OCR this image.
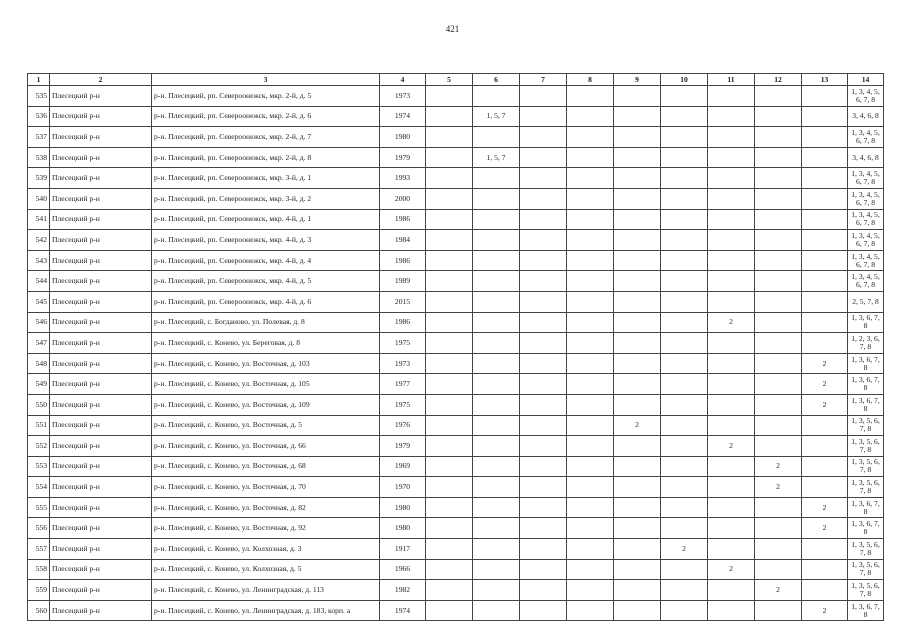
421
1	2	3	4	5	6	7	8	9	10	11	12	13	14
535	Плесецкий р-н	р-н. Плесецкий, рп. Североонежск, мкр. 2-й, д. 5	1973										1, 3, 4, 5, 6, 7, 8
536	Плесецкий р-н	р-н. Плесецкий, рп. Североонежск, мкр. 2-й, д. 6	1974		1, 5, 7								3, 4, 6, 8
537	Плесецкий р-н	р-н. Плесецкий, рп. Североонежск, мкр. 2-й, д. 7	1980										1, 3, 4, 5, 6, 7, 8
538	Плесецкий р-н	р-н. Плесецкий, рп. Североонежск, мкр. 2-й, д. 8	1979		1, 5, 7								3, 4, 6, 8
539	Плесецкий р-н	р-н. Плесецкий, рп. Североонежск, мкр. 3-й, д. 1	1993										1, 3, 4, 5, 6, 7, 8
540	Плесецкий р-н	р-н. Плесецкий, рп. Североонежск, мкр. 3-й, д. 2	2000										1, 3, 4, 5, 6, 7, 8
541	Плесецкий р-н	р-н. Плесецкий, рп. Североонежск, мкр. 4-й, д. 1	1986										1, 3, 4, 5, 6, 7, 8
542	Плесецкий р-н	р-н. Плесецкий, рп. Североонежск, мкр. 4-й, д. 3	1984										1, 3, 4, 5, 6, 7, 8
543	Плесецкий р-н	р-н. Плесецкий, рп. Североонежск, мкр. 4-й, д. 4	1986										1, 3, 4, 5, 6, 7, 8
544	Плесецкий р-н	р-н. Плесецкий, рп. Североонежск, мкр. 4-й, д. 5	1989										1, 3, 4, 5, 6, 7, 8
545	Плесецкий р-н	р-н. Плесецкий, рп. Североонежск, мкр. 4-й, д. 6	2015										2, 5, 7, 8
546	Плесецкий р-н	р-н. Плесецкий, с. Богдановo, ул. Полевая, д. 8	1986							2			1, 3, 6, 7, 8
547	Плесецкий р-н	р-н. Плесецкий, с. Конево, ул. Береговая, д. 8	1975										1, 2, 3, 6, 7, 8
548	Плесецкий р-н	р-н. Плесецкий, с. Конево, ул. Восточная, д. 103	1973									2	1, 3, 6, 7, 8
549	Плесецкий р-н	р-н. Плесецкий, с. Конево, ул. Восточная, д. 105	1977									2	1, 3, 6, 7, 8
550	Плесецкий р-н	р-н. Плесецкий, с. Конево, ул. Восточная, д. 109	1975									2	1, 3, 6, 7, 8
551	Плесецкий р-н	р-н. Плесецкий, с. Конево, ул. Восточная, д. 5	1976					2					1, 3, 5, 6, 7, 8
552	Плесецкий р-н	р-н. Плесецкий, с. Конево, ул. Восточная, д. 66	1979							2			1, 3, 5, 6, 7, 8
553	Плесецкий р-н	р-н. Плесецкий, с. Конево, ул. Восточная, д. 68	1969								2		1, 3, 5, 6, 7, 8
554	Плесецкий р-н	р-н. Плесецкий, с. Конево, ул. Восточная, д. 70	1970								2		1, 3, 5, 6, 7, 8
555	Плесецкий р-н	р-н. Плесецкий, с. Конево, ул. Восточная, д. 82	1980									2	1, 3, 6, 7, 8
556	Плесецкий р-н	р-н. Плесецкий, с. Конево, ул. Восточная, д. 92	1980									2	1, 3, 6, 7, 8
557	Плесецкий р-н	р-н. Плесецкий, с. Конево, ул. Колхозная, д. 3	1917						2				1, 3, 5, 6, 7, 8
558	Плесецкий р-н	р-н. Плесецкий, с. Конево, ул. Колхозная, д. 5	1966							2			1, 3, 5, 6, 7, 8
559	Плесецкий р-н	р-н. Плесецкий, с. Конево, ул. Ленинградская, д. 113	1982								2		1, 3, 5, 6, 7, 8
560	Плесецкий р-н	р-н. Плесецкий, с. Конево, ул. Ленинградская, д. 183, корп. а	1974									2	1, 3, 6, 7, 8
